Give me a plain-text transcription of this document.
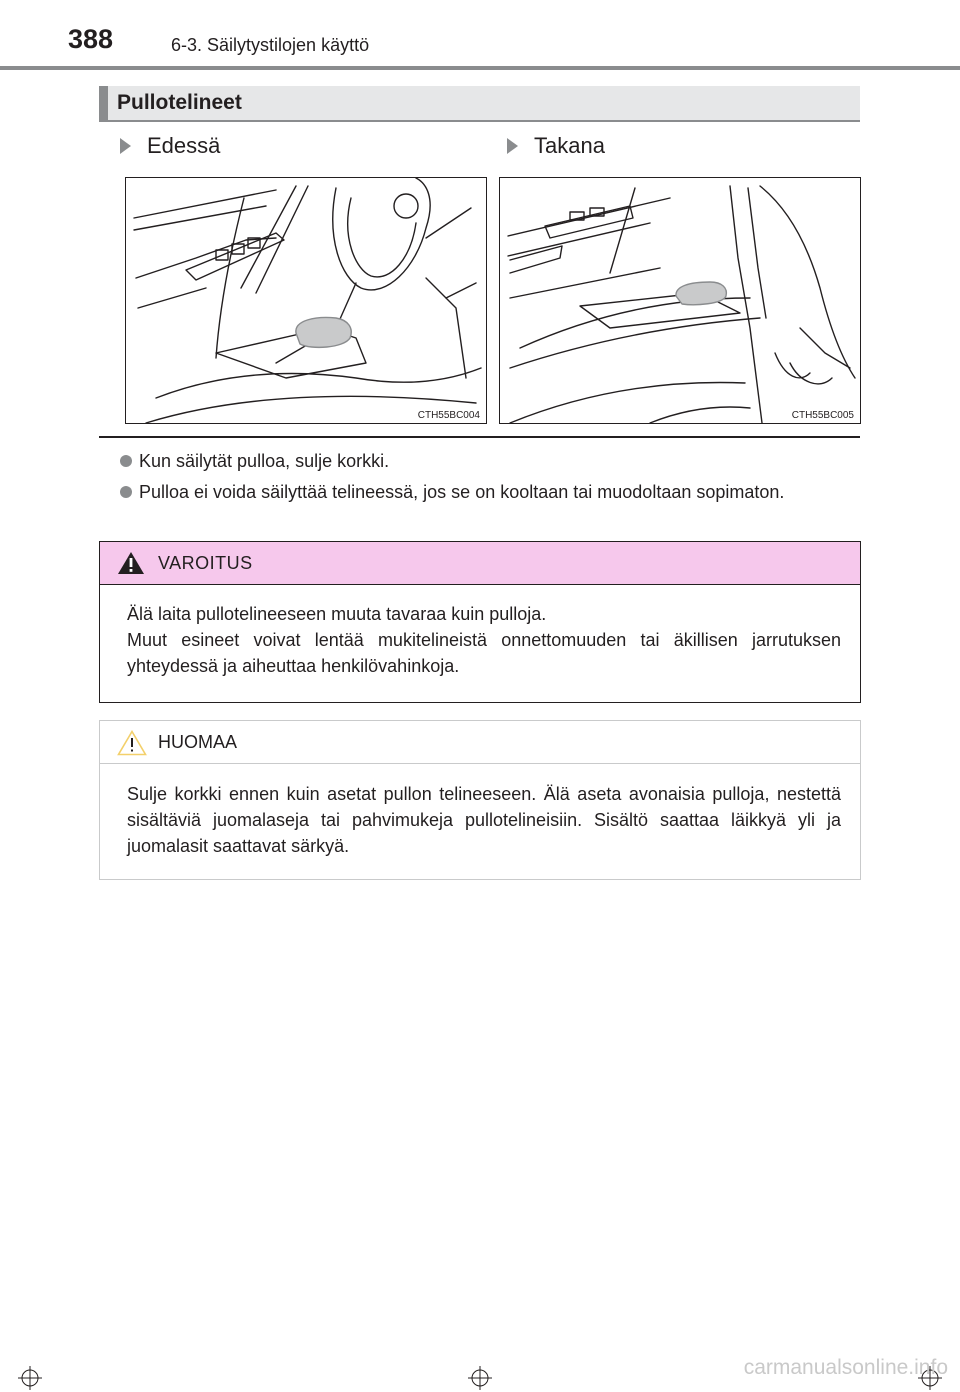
388	6-3. Säilytystilojen käyttö
Pullotelineet
Edessä	Takana
CTH55BC004	CTH55BC005
Kun säilytät pulloa, sulje korkki.
Pulloa ei voida säilyttää telineessä, jos se on kooltaan tai muodoltaan sopimaton.
VAROITUS
Älä laita pullotelineeseen muuta tavaraa kuin pulloja.
Muut esineet voivat lentää mukitelineistä onnettomuuden tai äkillisen jarrutuksen yhteydessä ja aiheuttaa henkilövahinkoja.
HUOMAA
Sulje korkki ennen kuin asetat pullon telineeseen. Älä aseta avonaisia pulloja, nestettä sisältäviä juomalaseja tai pahvimukeja pullotelineisiin. Sisältö saattaa läikkyä yli ja juomalasit saattavat särkyä.
carmanualsonline.info
